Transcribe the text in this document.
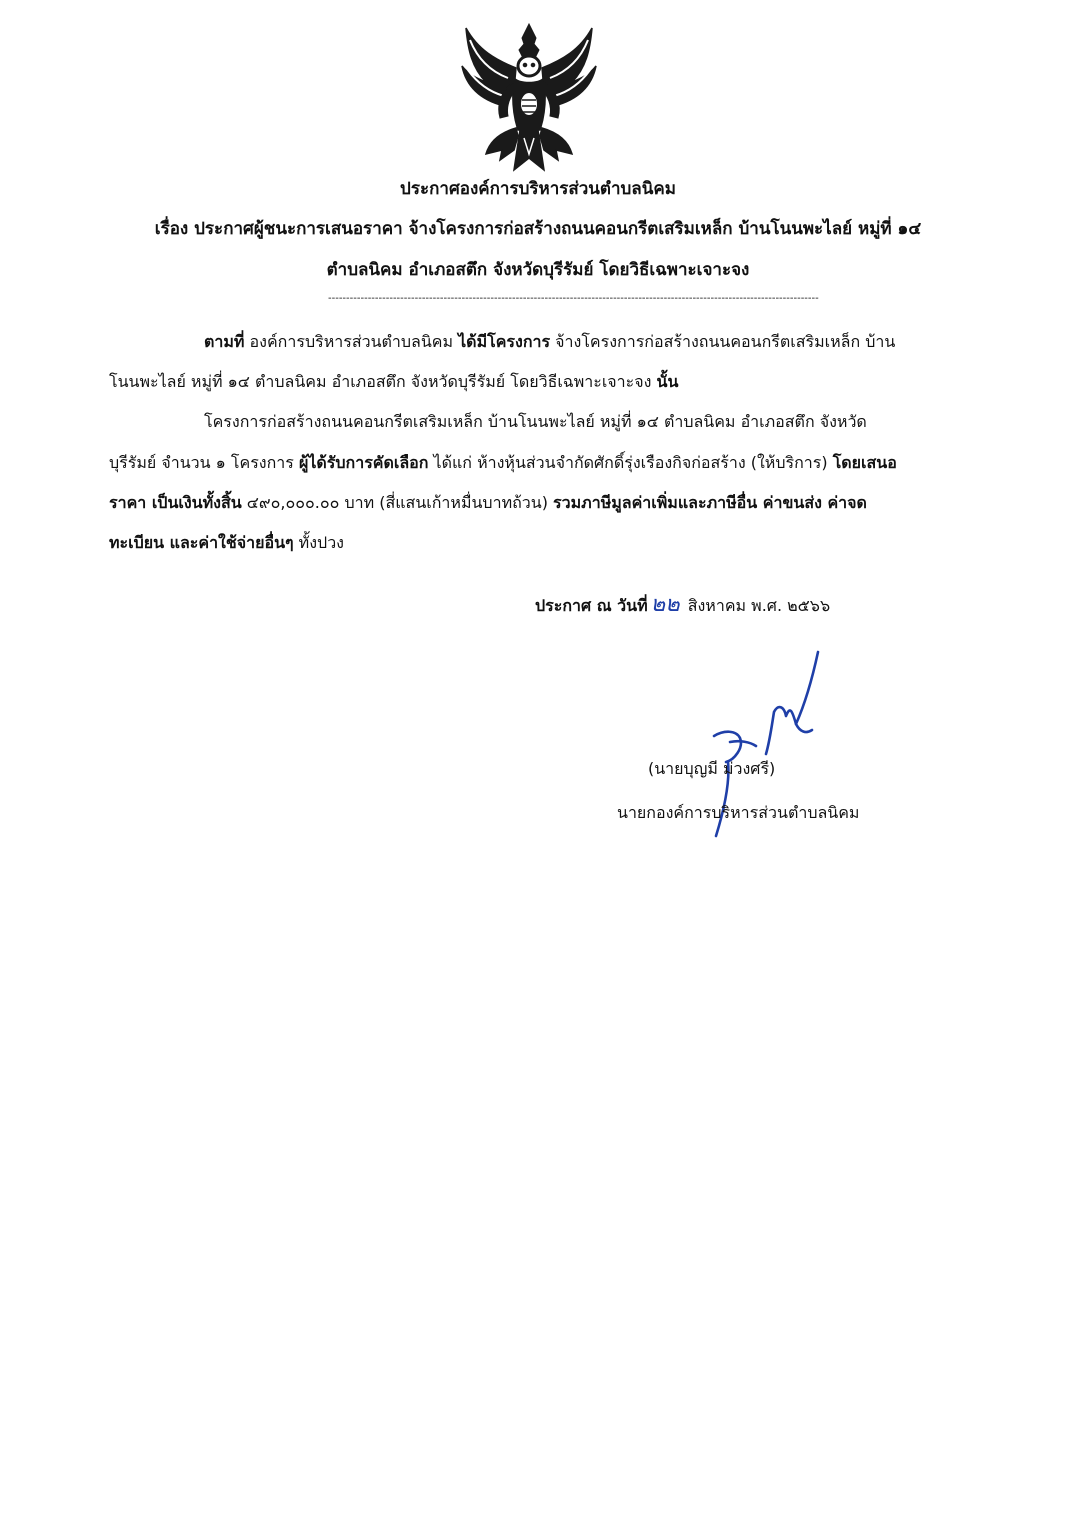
ประกาศองค์การบริหารส่วนตำบลนิคม
เรื่อง ประกาศผู้ชนะการเสนอราคา จ้างโครงการก่อสร้างถนนคอนกรีตเสริมเหล็ก บ้านโนนพะไลย์ หมู่ที่ ๑๔
ตำบลนิคม อำเภอสตึก จังหวัดบุรีรัมย์ โดยวิธีเฉพาะเจาะจง
----------------------------------------------------------------------------------------------------------------------------------------
ตามที่ องค์การบริหารส่วนตำบลนิคม ได้มีโครงการ จ้างโครงการก่อสร้างถนนคอนกรีตเสริมเหล็ก บ้าน
โนนพะไลย์ หมู่ที่ ๑๔ ตำบลนิคม อำเภอสตึก จังหวัดบุรีรัมย์ โดยวิธีเฉพาะเจาะจง นั้น
โครงการก่อสร้างถนนคอนกรีตเสริมเหล็ก บ้านโนนพะไลย์ หมู่ที่ ๑๔ ตำบลนิคม อำเภอสตึก จังหวัด
บุรีรัมย์ จำนวน ๑ โครงการ ผู้ได้รับการคัดเลือก ได้แก่ ห้างหุ้นส่วนจำกัดศักดิ์รุ่งเรืองกิจก่อสร้าง (ให้บริการ) โดยเสนอ
ราคา เป็นเงินทั้งสิ้น ๔๙๐,๐๐๐.๐๐ บาท (สี่แสนเก้าหมื่นบาทถ้วน) รวมภาษีมูลค่าเพิ่มและภาษีอื่น ค่าขนส่ง ค่าจด
ทะเบียน และค่าใช้จ่ายอื่นๆ ทั้งปวง
ประกาศ ณ วันที่ ๒๒ สิงหาคม พ.ศ. ๒๕๖๖
(นายบุญมี ม่วงศรี)
นายกองค์การบริหารส่วนตำบลนิคม
